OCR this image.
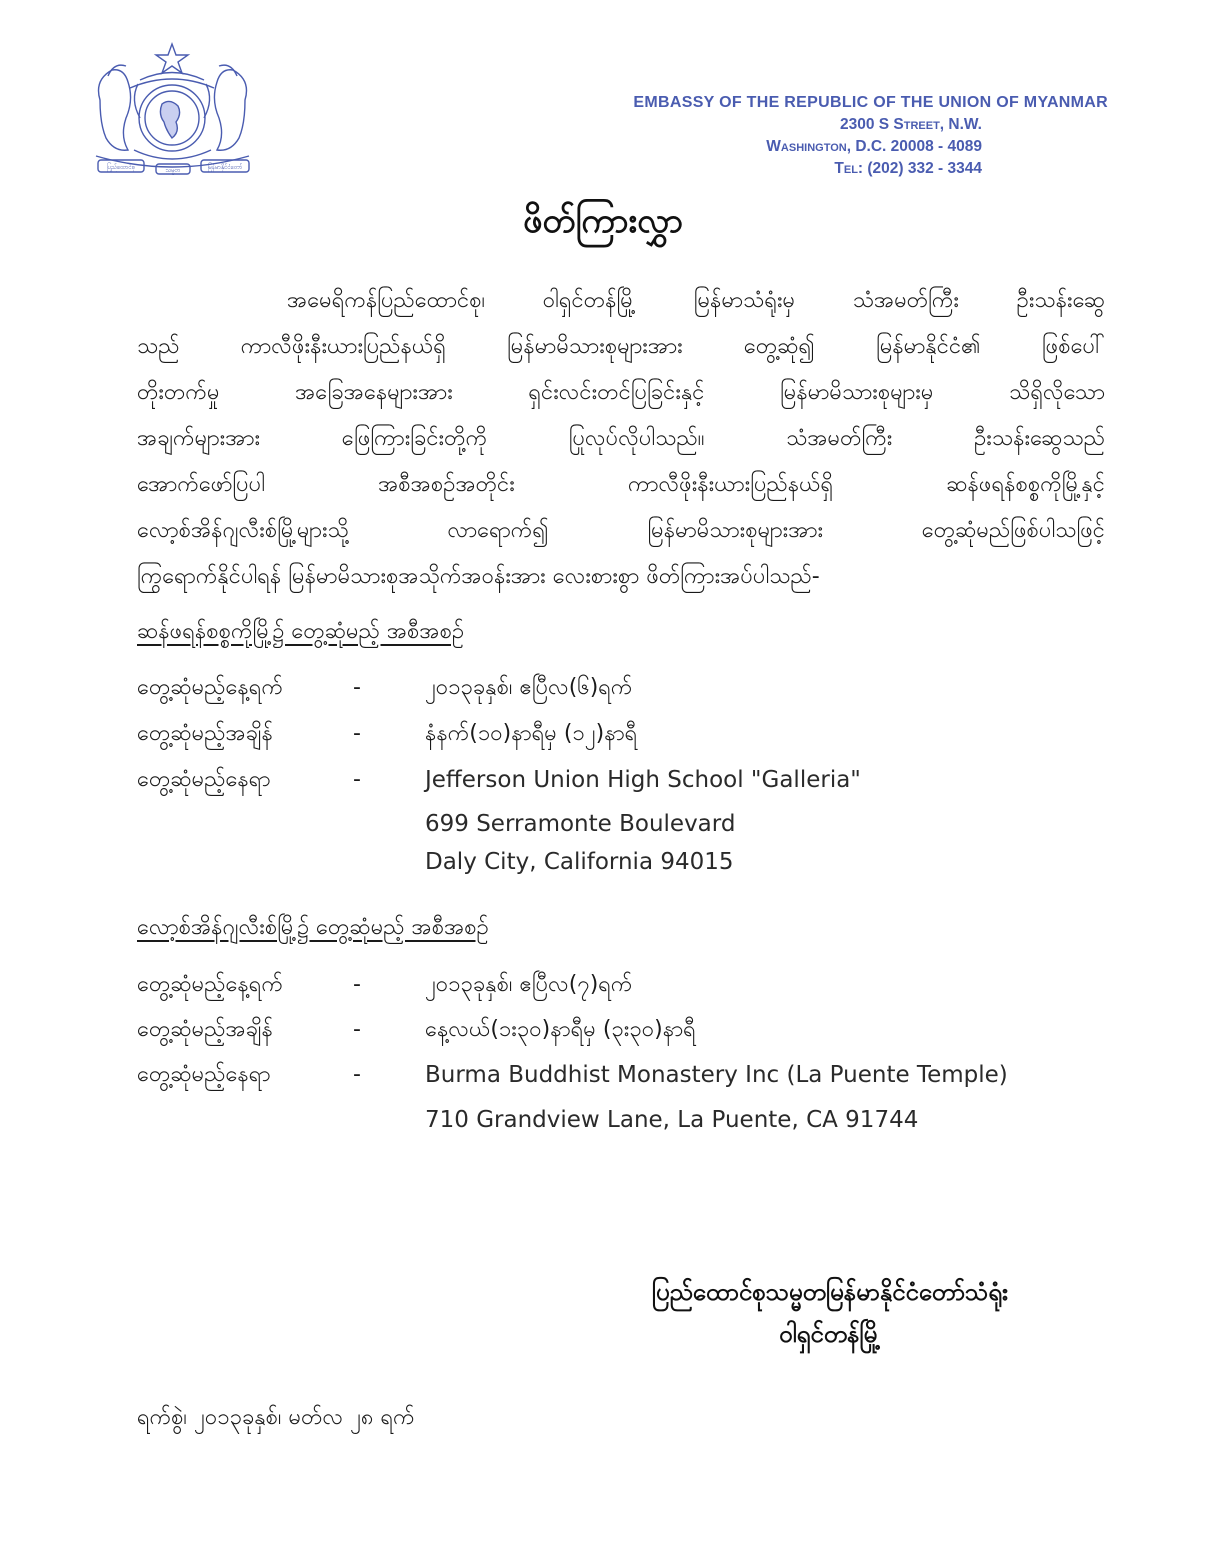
ပြည်ထောင်စု	သမ္မတ	မြန်မာနိုင်ငံတော်
EMBASSY OF THE REPUBLIC OF THE UNION OF MYANMAR
2300 S Street, N.W.
Washington, D.C. 20008 - 4089
Tel: (202) 332 - 3344
ဖိတ်ကြားလွှာ
အမေရိကန်ပြည်ထောင်စု၊ ဝါရှင်တန်မြို့ မြန်မာသံရုံးမှ သံအမတ်ကြီး ဦးသန်းဆွေ
သည် ကာလီဖိုးနီးယားပြည်နယ်ရှိ မြန်မာမိသားစုများအား တွေ့ဆုံ၍ မြန်မာနိုင်ငံ၏ ဖြစ်ပေါ်
တိုးတက်မှု အခြေအနေများအား ရှင်းလင်းတင်ပြခြင်းနှင့် မြန်မာမိသားစုများမှ သိရှိလိုသော
အချက်များအား ဖြေကြားခြင်းတို့ကို ပြုလုပ်လိုပါသည်။ သံအမတ်ကြီး ဦးသန်းဆွေသည်
အောက်ဖော်ပြပါ အစီအစဥ်အတိုင်း ကာလီဖိုးနီးယားပြည်နယ်ရှိ ဆန်ဖရန်စစ္စကိုမြို့နှင့်
လော့စ်အိန်ဂျလီးစ်မြို့များသို့ လာရောက်၍ မြန်မာမိသားစုများအား တွေ့ဆုံမည်ဖြစ်ပါသဖြင့်
ကြွရောက်နိုင်ပါရန် မြန်မာမိသားစုအသိုက်အဝန်းအား လေးစားစွာ ဖိတ်ကြားအပ်ပါသည်-
ဆန်ဖရန်စစ္စကိုမြို့၌ တွေ့ဆုံမည့် အစီအစဥ်
တွေ့ဆုံမည့်နေ့ရက်	-	၂၀၁၃ခုနှစ်၊ ဧပြီလ(၆)ရက်
တွေ့ဆုံမည့်အချိန်	-	နံနက်(၁၀)နာရီမှ (၁၂)နာရီ
တွေ့ဆုံမည့်နေရာ	-	Jefferson Union High School "Galleria"
699 Serramonte Boulevard
Daly City, California 94015
လော့စ်အိန်ဂျလီးစ်မြို့၌ တွေ့ဆုံမည့် အစီအစဥ်
တွေ့ဆုံမည့်နေ့ရက်	-	၂၀၁၃ခုနှစ်၊ ဧပြီလ(၇)ရက်
တွေ့ဆုံမည့်အချိန်	-	နေ့လယ်(၁း၃၀)နာရီမှ (၃း၃၀)နာရီ
တွေ့ဆုံမည့်နေရာ	-	Burma Buddhist Monastery Inc (La Puente Temple)
710 Grandview Lane, La Puente, CA 91744
ပြည်ထောင်စုသမ္မတမြန်မာနိုင်ငံတော်သံရုံး
ဝါရှင်တန်မြို့
ရက်စွဲ၊ ၂၀၁၃ခုနှစ်၊ မတ်လ ၂၈ ရက်
